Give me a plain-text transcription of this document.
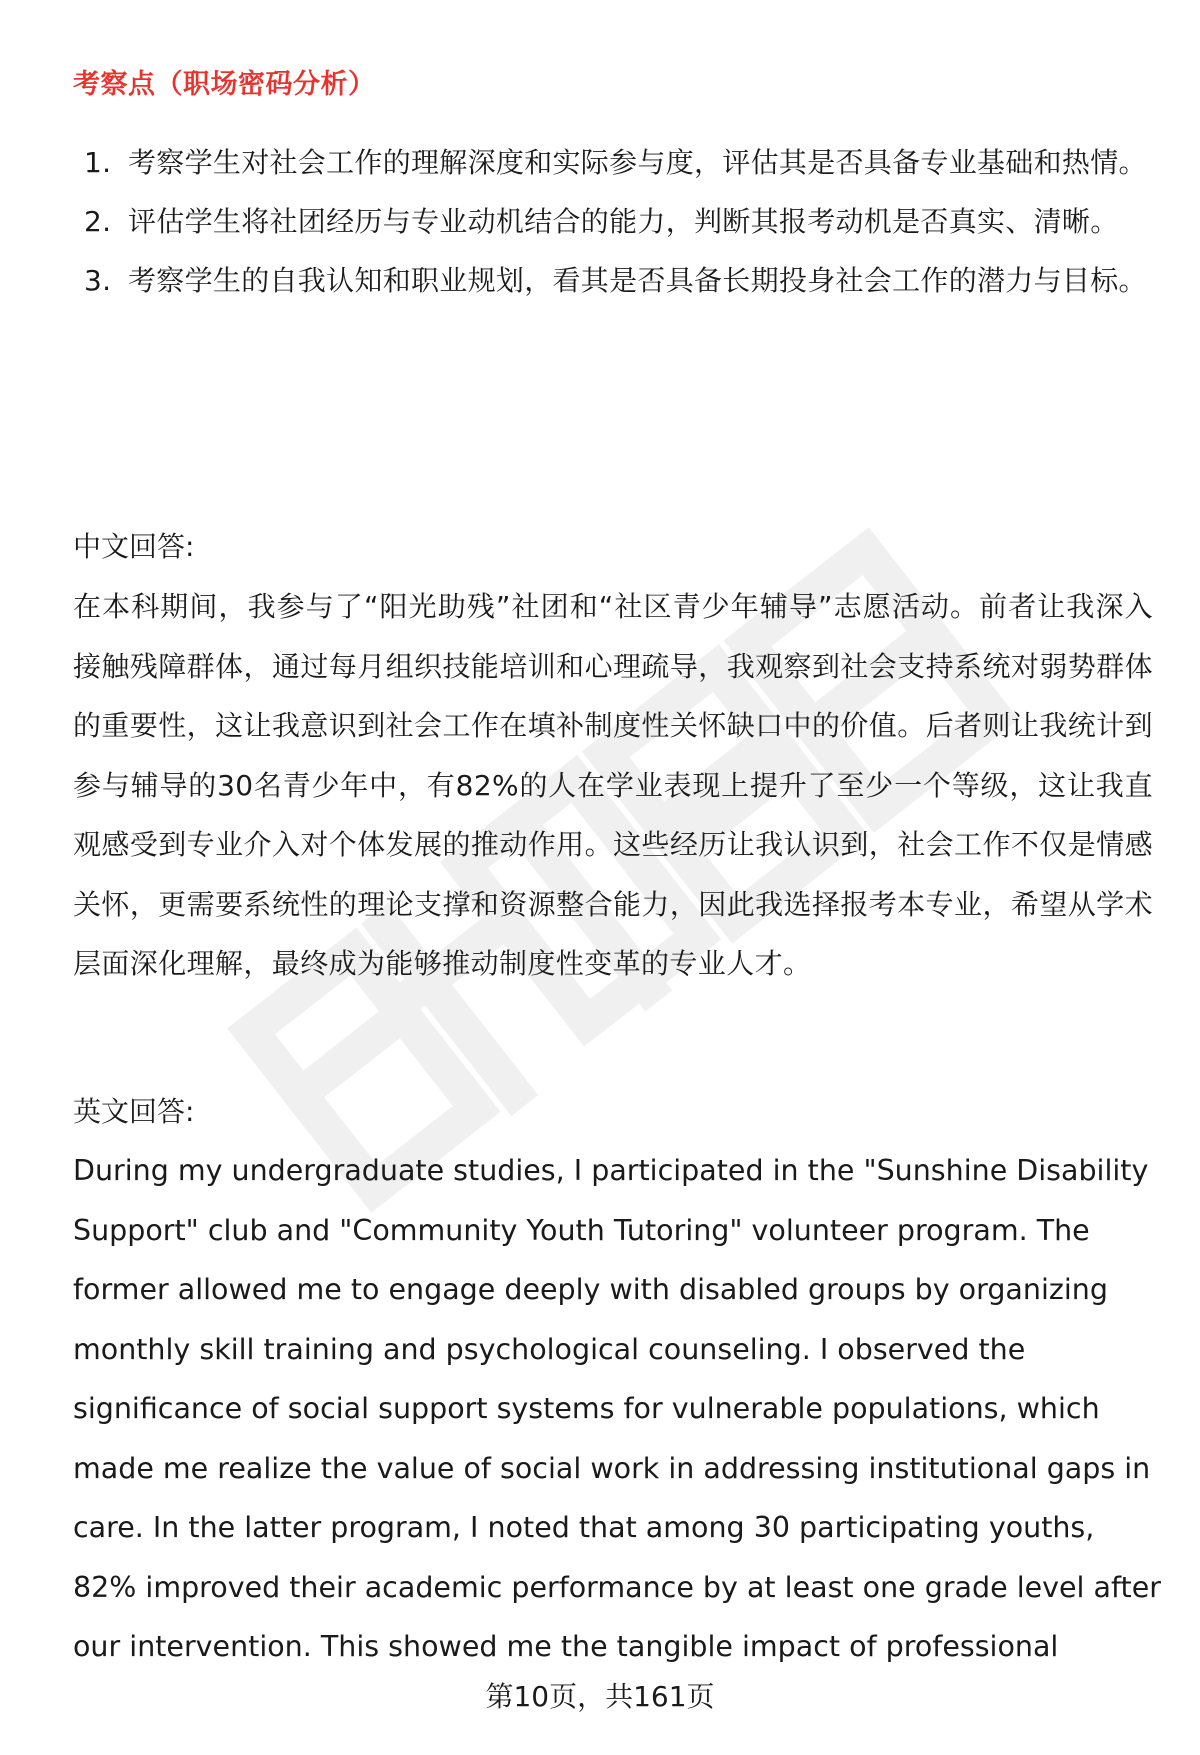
考察点（职场密码分析）
1. 考察学生对社会工作的理解深度和实际参与度，评估其是否具备专业基础和热情。
2. 评估学生将社团经历与专业动机结合的能力，判断其报考动机是否真实、清晰。
3. 考察学生的自我认知和职业规划，看其是否具备长期投身社会工作的潜力与目标。

中文回答:

在本科期间，我参与了“阳光助残”社团和“社区青少年辅导”志愿活动。前者让我深入接触残障群体，通过每月组织技能培训和心理疏导，我观察到社会支持系统对弱势群体的重要性，这让我意识到社会工作在填补制度性关怀缺口中的价值。后者则让我统计到参与辅导的30名青少年中，有82%的人在学业表现上提升了至少一个等级，这让我直观感受到专业介入对个体发展的推动作用。这些经历让我认识到，社会工作不仅是情感关怀，更需要系统性的理论支撑和资源整合能力，因此我选择报考本专业，希望从学术层面深化理解，最终成为能够推动制度性变革的专业人才。

英文回答:

During my undergraduate studies, I participated in the "Sunshine Disability Support" club and "Community Youth Tutoring" volunteer program. The former allowed me to engage deeply with disabled groups by organizing monthly skill training and psychological counseling. I observed the significance of social support systems for vulnerable populations, which made me realize the value of social work in addressing institutional gaps in care. In the latter program, I noted that among 30 participating youths, 82% improved their academic performance by at least one grade level after our intervention. This showed me the tangible impact of professional

第10页，共161页
